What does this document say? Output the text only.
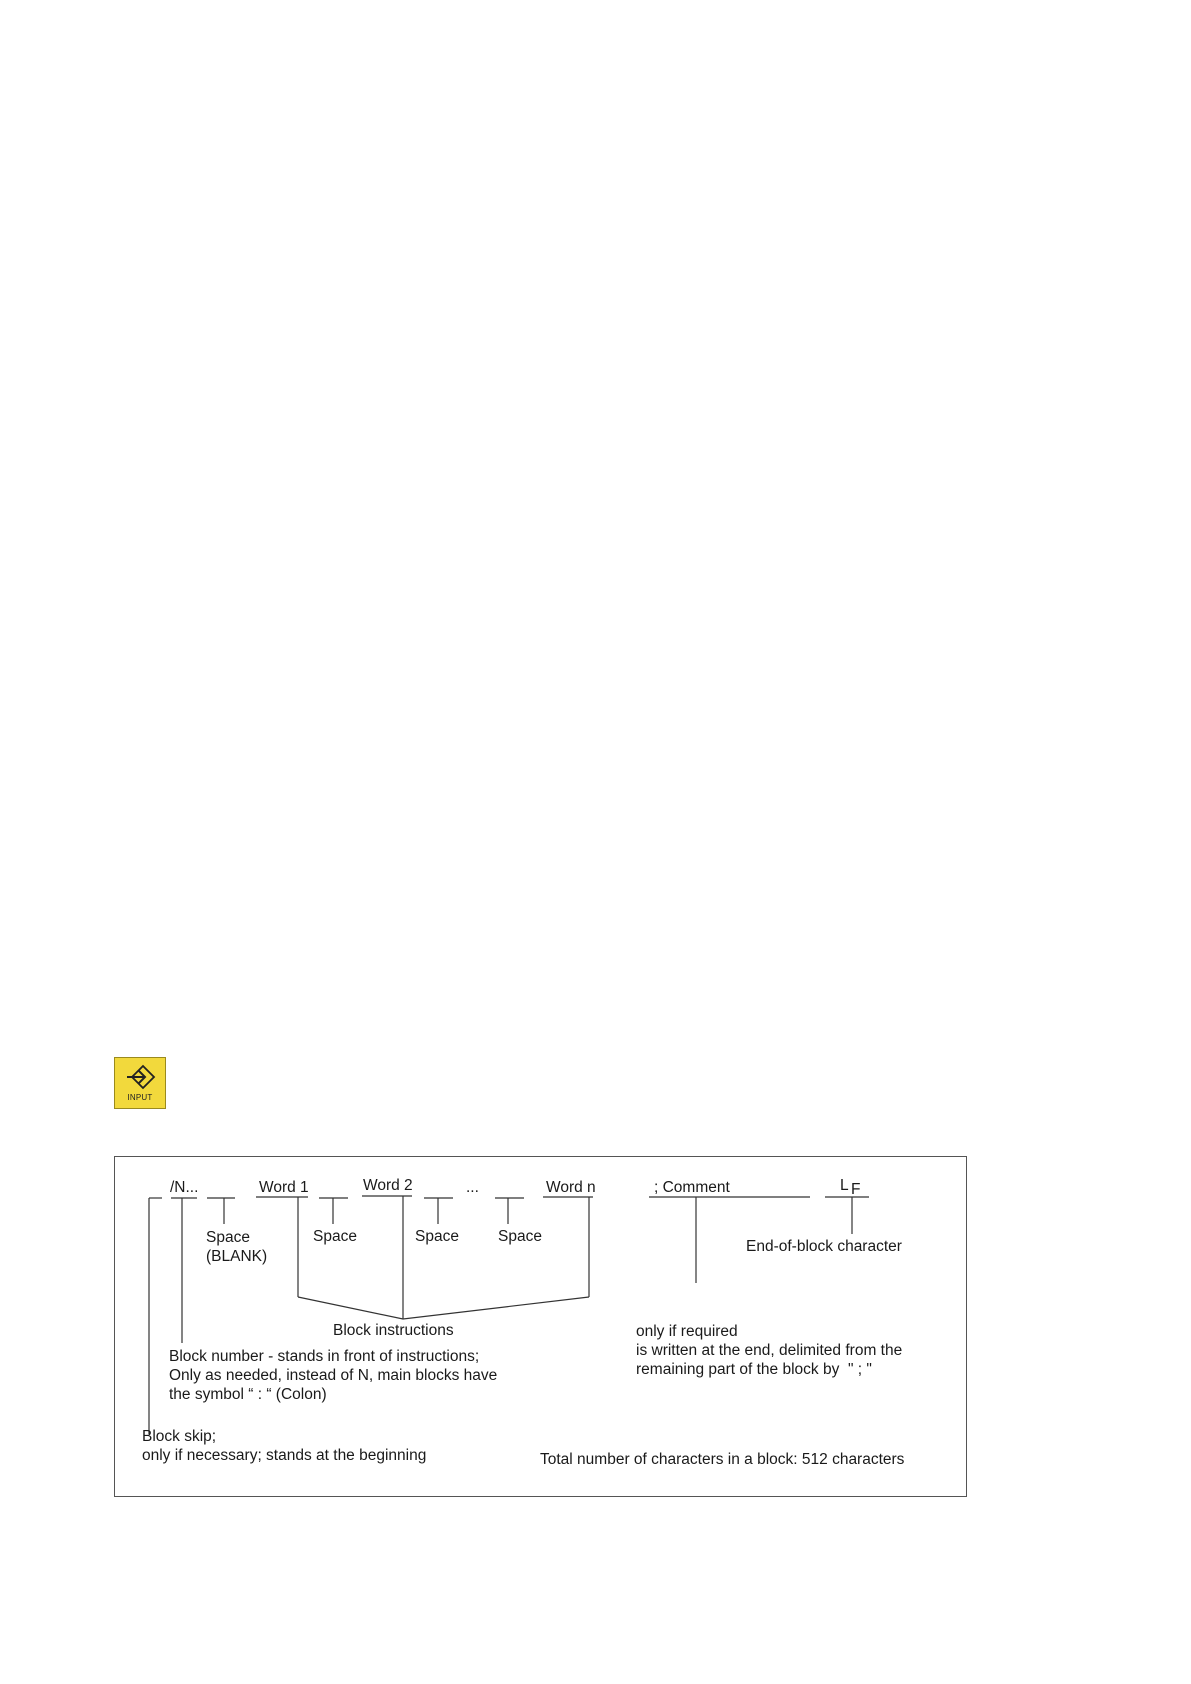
INPUT
/N...	Word 1	Word 2	...	Word n	; Comment	L F
Space
(BLANK)
Space	Space	Space
End-of-block character
Block instructions	only if required
is written at the end, delimited from the
remaining part of the block by  " ; "
Block number - stands in front of instructions;
Only as needed, instead of N, main blocks have
the symbol “ : “ (Colon)
Block skip;
only if necessary; stands at the beginning	Total number of characters in a block: 512 characters
